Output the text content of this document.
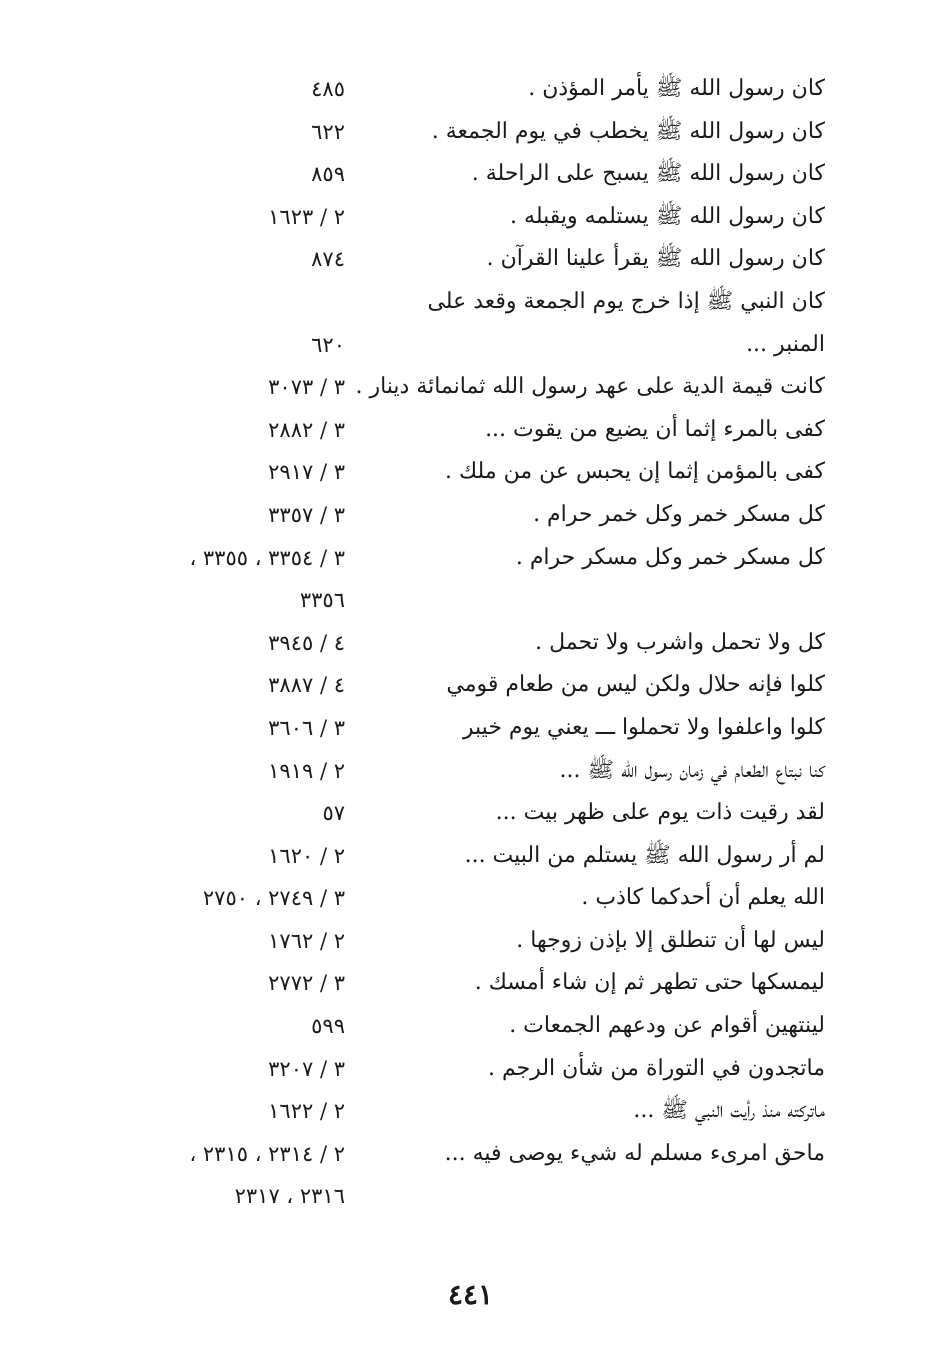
كان رسول الله ﷺ يأمر المؤذن .
٤٨٥
كان رسول الله ﷺ يخطب في يوم الجمعة .
٦٢٢
كان رسول الله ﷺ يسبح على الراحلة .
٨٥٩
كان رسول الله ﷺ يستلمه ويقبله .
٢ / ١٦٢٣
كان رسول الله ﷺ يقرأ علينا القرآن .
٨٧٤
كان النبي ﷺ إذا خرج يوم الجمعة وقعد على
المنبر ...
٦٢٠
كانت قيمة الدية على عهد رسول الله ثمانمائة دينار .
٣ / ٣٠٧٣
كفى بالمرء إثما أن يضيع من يقوت ...
٣ / ٢٨٨٢
كفى بالمؤمن إثما إن يحبس عن من ملك .
٣ / ٢٩١٧
كل مسكر خمر وكل خمر حرام .
٣ / ٣٣٥٧
كل مسكر خمر وكل مسكر حرام .
٣ / ٣٣٥٤ ، ٣٣٥٥ ،
٣٣٥٦
كل ولا تحمل واشرب ولا تحمل .
٤ / ٣٩٤٥
كلوا فإنه حلال ولكن ليس من طعام قومي
٤ / ٣٨٨٧
كلوا واعلفوا ولا تحملوا ـــ يعني يوم خيبر
٣ / ٣٦٠٦
كنا نبتاع الطعام في زمان رسول الله ﷺ ...
٢ / ١٩١٩
لقد رقيت ذات يوم على ظهر بيت ...
٥٧
لم أر رسول الله ﷺ يستلم من البيت ...
٢ / ١٦٢٠
الله يعلم أن أحدكما كاذب .
٣ / ٢٧٤٩ ، ٢٧٥٠
ليس لها أن تنطلق إلا بإذن زوجها .
٢ / ١٧٦٢
ليمسكها حتى تطهر ثم إن شاء أمسك .
٣ / ٢٧٧٢
لينتهين أقوام عن ودعهم الجمعات .
٥٩٩
ماتجدون في التوراة من شأن الرجم .
٣ / ٣٢٠٧
ماتركته منذ رأيت النبي ﷺ ...
٢ / ١٦٢٢
ماحق امرىء مسلم له شيء يوصى فيه ...
٢ / ٢٣١٤ ، ٢٣١٥ ،
٢٣١٦ ، ٢٣١٧
٤٤١
